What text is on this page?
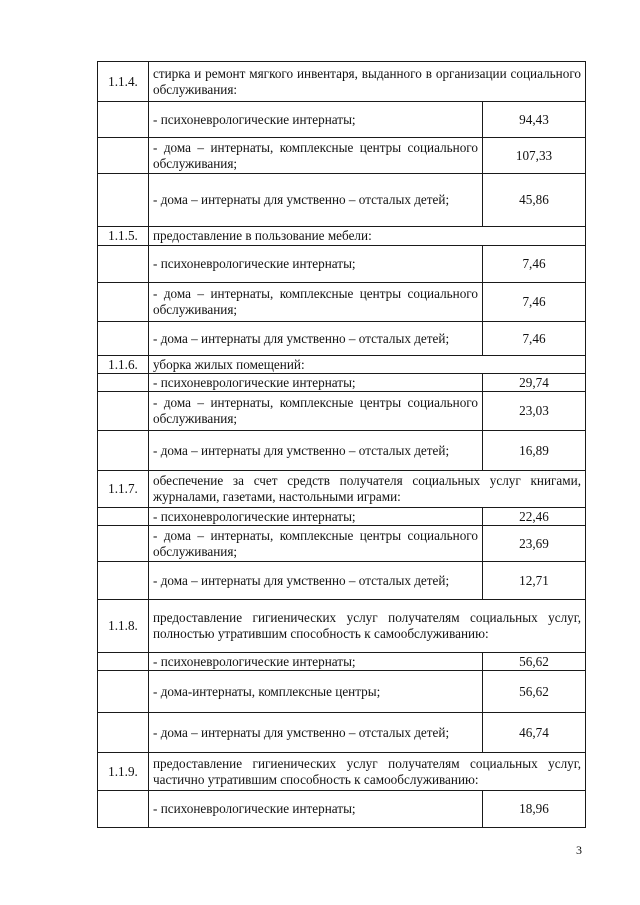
1.1.4.	стирка и ремонт мягкого инвентаря, выданного в организации социального обслуживания:	
	- психоневрологические интернаты;	94,43
	- дома – интернаты, комплексные центры социального обслуживания;	107,33
	- дома – интернаты для умственно – отсталых детей;	45,86
1.1.5.	предоставление в пользование мебели:	
	- психоневрологические интернаты;	7,46
	- дома – интернаты, комплексные центры социального обслуживания;	7,46
	- дома – интернаты для умственно – отсталых детей;	7,46
1.1.6.	уборка жилых помещений:	
	- психоневрологические интернаты;	29,74
	- дома – интернаты, комплексные центры социального обслуживания;	23,03
	- дома – интернаты для умственно – отсталых детей;	16,89
1.1.7.	обеспечение за счет средств получателя социальных услуг книгами, журналами, газетами, настольными играми:	
	- психоневрологические интернаты;	22,46
	- дома – интернаты, комплексные центры социального обслуживания;	23,69
	- дома – интернаты для умственно – отсталых детей;	12,71
1.1.8.	предоставление гигиенических услуг получателям социальных услуг, полностью утратившим способность к самообслуживанию:	
	- психоневрологические интернаты;	56,62
	- дома-интернаты, комплексные центры;	56,62
	- дома – интернаты для умственно – отсталых детей;	46,74
1.1.9.	предоставление гигиенических услуг получателям социальных услуг, частично утратившим способность к самообслуживанию:	
	- психоневрологические интернаты;	18,96
3
